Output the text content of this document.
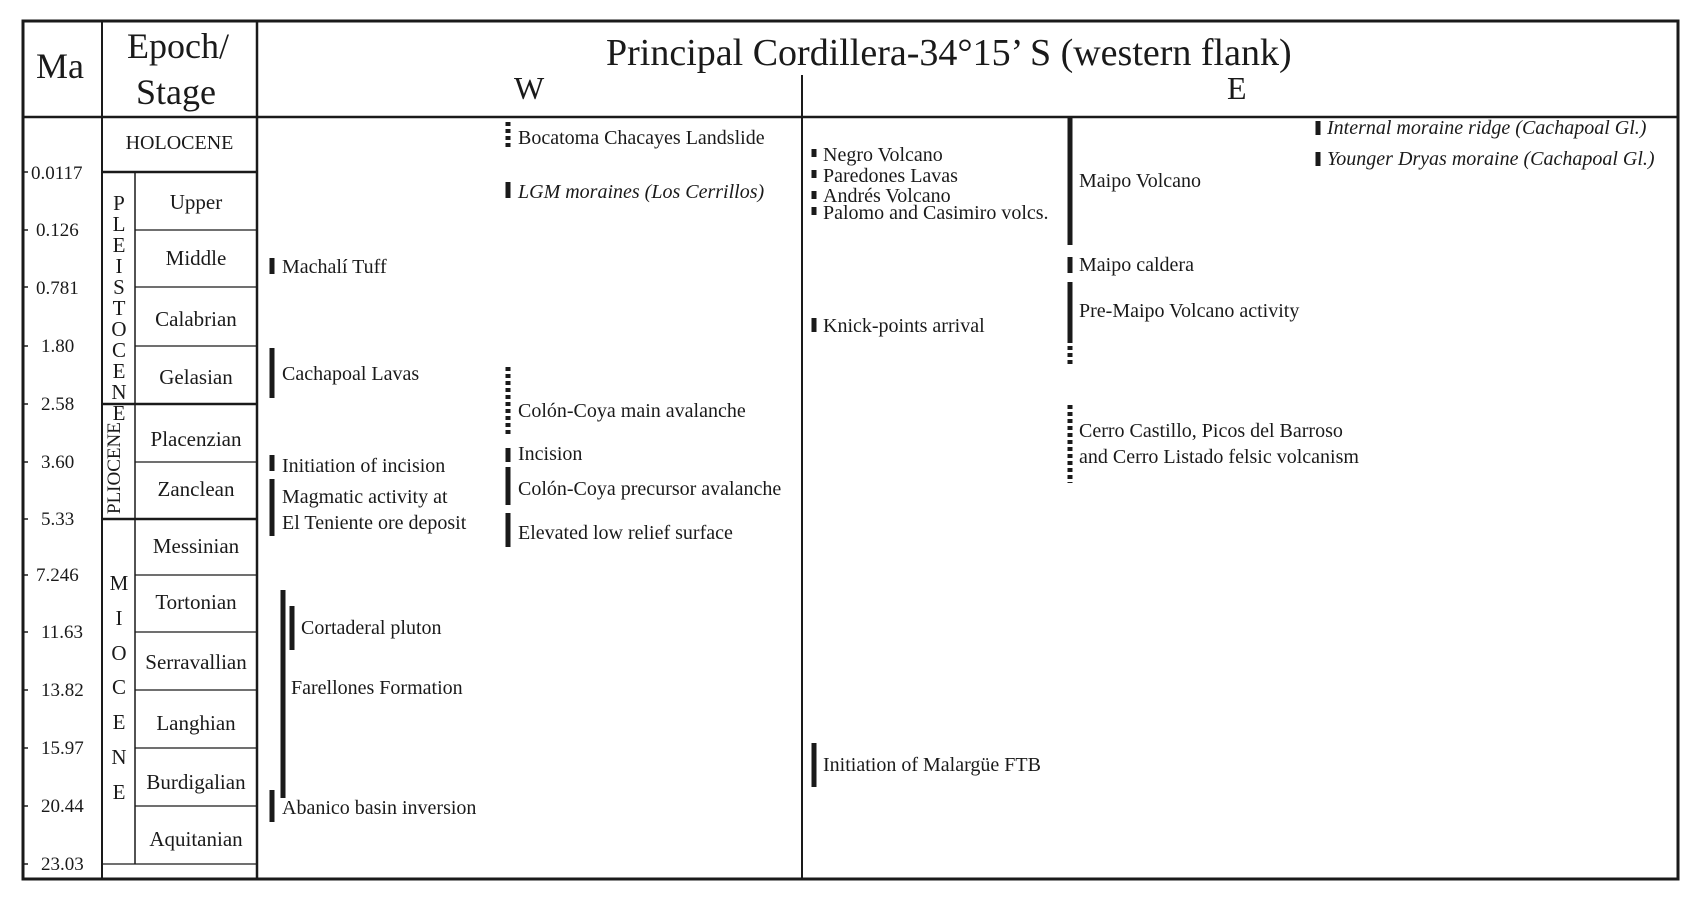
Ma Epoch/
Stage
Principal Cordillera-34°15’ S (western flank)
W	E
HOLOCENE
P
L
E
I
S
T
O
C
E
N
E
PLIOCENE
M
I
O
C
E
N
E
Upper
Middle
Calabrian
Gelasian
Placenzian
Zanclean
Messinian
Tortonian
Serravallian
Langhian
Burdigalian
Aquitanian
0.0117
0.126
0.781
1.80
2.58
3.60
5.33
7.246
11.63
13.82
15.97
20.44
23.03
Machalí Tuff
Cachapoal Lavas
Initiation of incision
Magmatic activity at
El Teniente ore deposit
Cortaderal pluton
Farellones Formation
Abanico basin inversion
Bocatoma Chacayes Landslide
LGM moraines (Los Cerrillos)
Colón-Coya main avalanche
Incision
Colón-Coya precursor avalanche
Elevated low relief surface
Negro Volcano
Paredones Lavas
Andrés Volcano
Palomo and Casimiro volcs.
Knick-points arrival
Initiation of Malargüe FTB
Maipo Volcano
Maipo caldera
Pre-Maipo Volcano activity
Cerro Castillo, Picos del Barroso
and Cerro Listado felsic volcanism
Internal moraine ridge (Cachapoal Gl.)
Younger Dryas moraine (Cachapoal Gl.)
